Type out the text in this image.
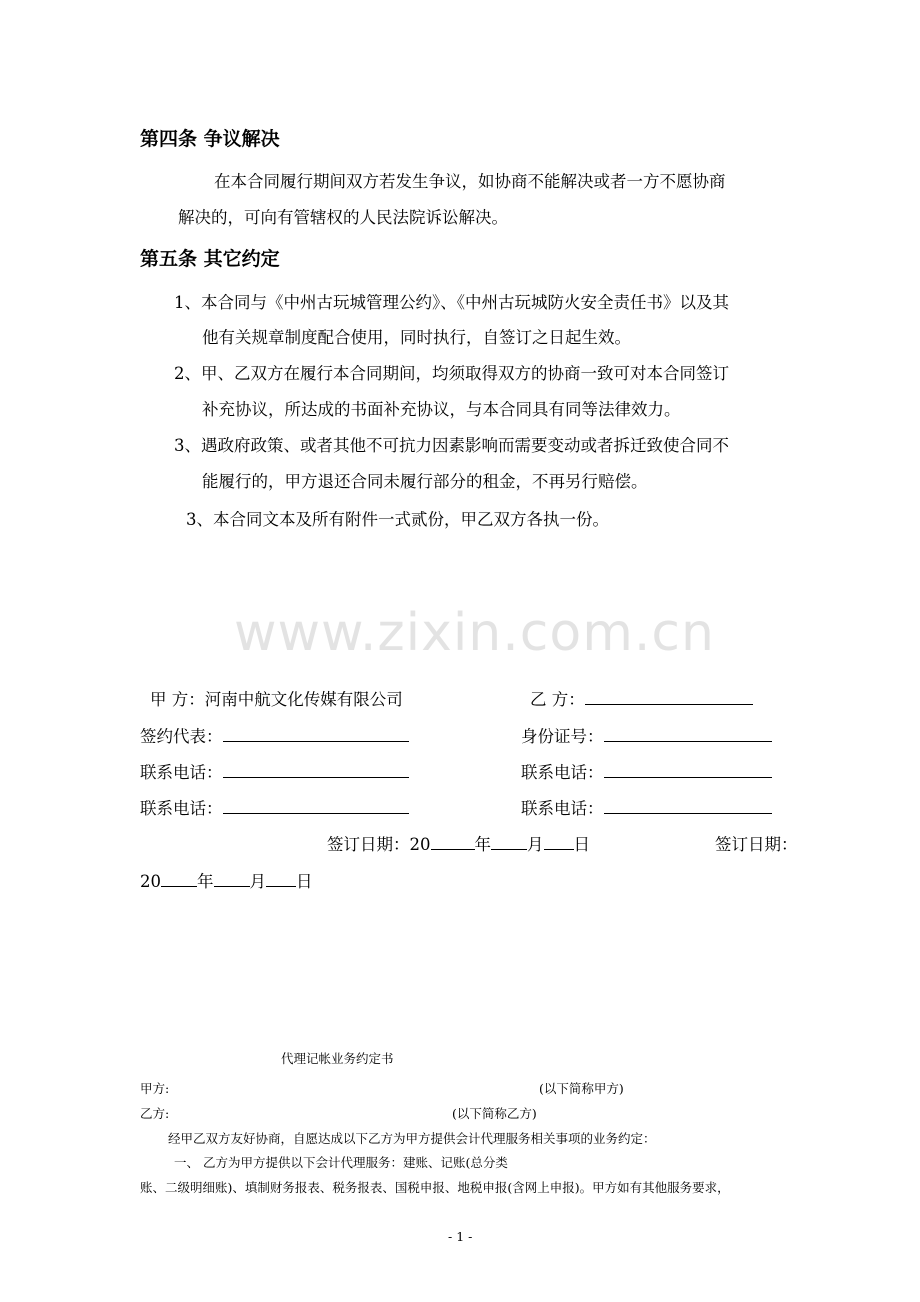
第四条 争议解决
在本合同履行期间双方若发生争议，如协商不能解决或者一方不愿协商
解决的，可向有管辖权的人民法院诉讼解决。
第五条 其它约定
1、本合同与《中州古玩城管理公约》、《中州古玩城防火安全责任书》以及其
他有关规章制度配合使用，同时执行，自签订之日起生效。
2、甲、乙双方在履行本合同期间，均须取得双方的协商一致可对本合同签订
补充协议，所达成的书面补充协议，与本合同具有同等法律效力。
3、遇政府政策、或者其他不可抗力因素影响而需要变动或者拆迁致使合同不
能履行的，甲方退还合同未履行部分的租金，不再另行赔偿。
3、本合同文本及所有附件一式贰份，甲乙双方各执一份。
www.zixin.com.cn
甲 方：河南中航文化传媒有限公司	乙 方：
签约代表：	身份证号：
联系电话：	联系电话：
联系电话：	联系电话：
签订日期：20	年 月 日	签订日期：
20 年 月 日
代理记帐业务约定书
甲方:	(以下简称甲方)
乙方:	(以下简称乙方)
经甲乙双方友好协商，自愿达成以下乙方为甲方提供会计代理服务相关事项的业务约定：
一、 乙方为甲方提供以下会计代理服务：建账、记账(总分类
账、二级明细账)、填制财务报表、税务报表、国税申报、地税申报(含网上申报)。甲方如有其他服务要求，
- 1 -
